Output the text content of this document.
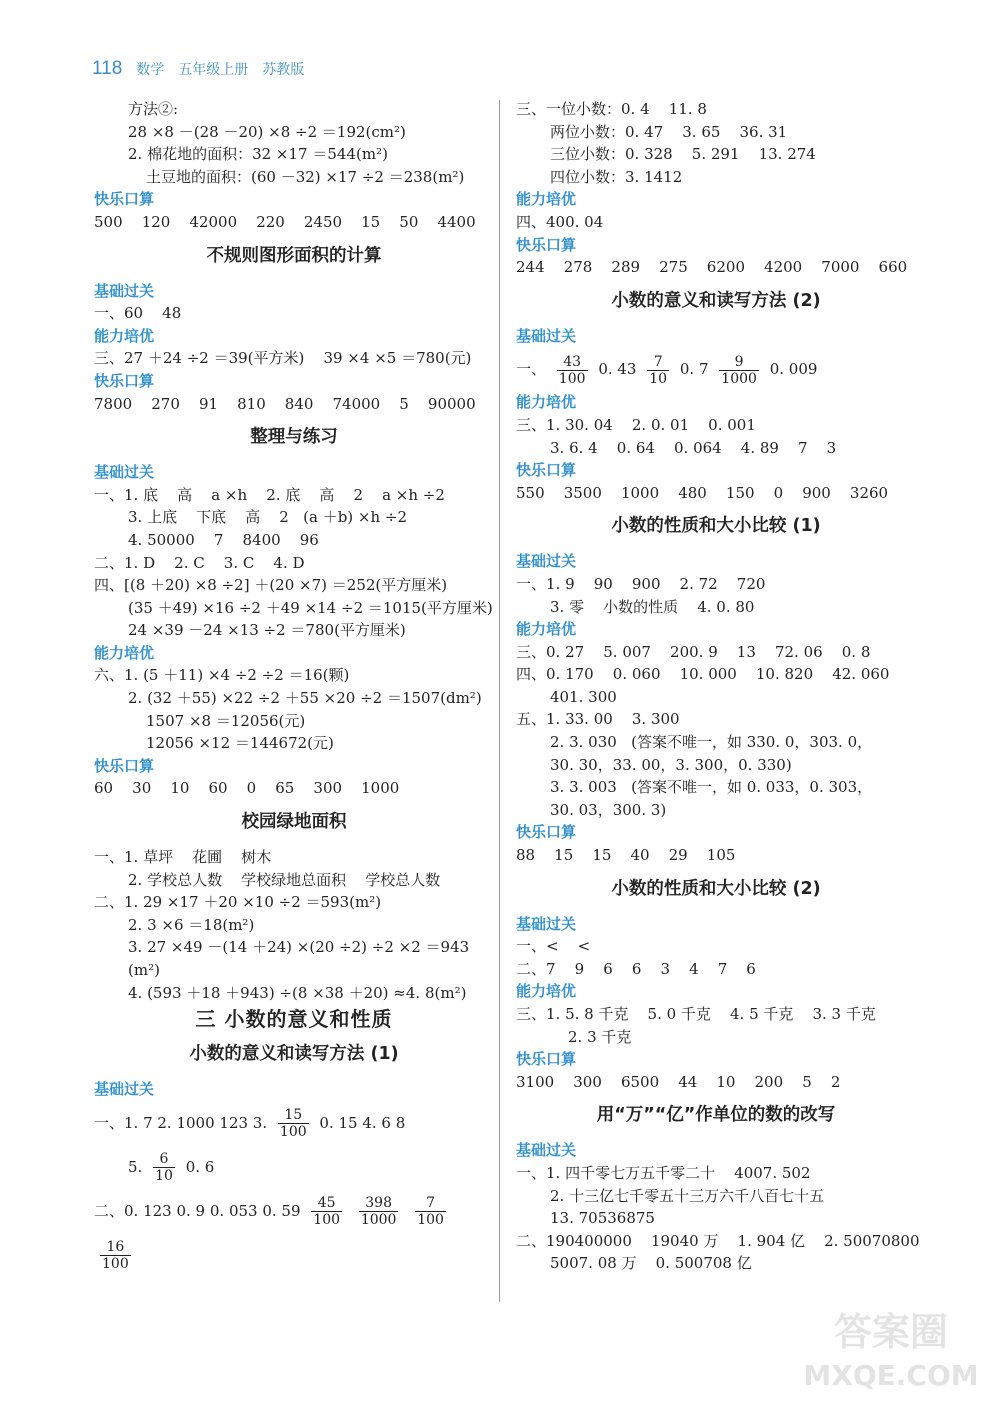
118 数学 五年级上册 苏教版
方法②:
28 ×8 －(28 －20) ×8 ÷2 ＝192(cm²)
2. 棉花地的面积：32 ×17 ＝544(m²)
土豆地的面积：(60 －32) ×17 ÷2 ＝238(m²)
快乐口算
500    120    42000    220    2450    15    50    4400
不规则图形面积的计算
基础过关
一、60    48
能力培优
三、27 ＋24 ÷2 ＝39(平方米)    39 ×4 ×5 ＝780(元)
快乐口算
7800    270    91    810    840    74000    5    90000
整理与练习
基础过关
一、1. 底    高    a ×h    2. 底    高    2    a ×h ÷2
3. 上底    下底    高    2   (a ＋b) ×h ÷2
4. 50000    7    8400    96
二、1. D    2. C    3. C    4. D
四、[(8 ＋20) ×8 ÷2] ＋(20 ×7) ＝252(平方厘米)
(35 ＋49) ×16 ÷2 ＋49 ×14 ÷2 ＝1015(平方厘米)
24 ×39 －24 ×13 ÷2 ＝780(平方厘米)
能力培优
六、1. (5 ＋11) ×4 ÷2 ÷2 ＝16(颗)
2. (32 ＋55) ×22 ÷2 ＋55 ×20 ÷2 ＝1507(dm²)
1507 ×8 ＝12056(元)
12056 ×12 ＝144672(元)
快乐口算
60    30    10    60    0    65    300    1000
校园绿地面积
一、1. 草坪    花圃    树木
2. 学校总人数    学校绿地总面积    学校总人数
二、1. 29 ×17 ＋20 ×10 ÷2 ＝593(m²)
2. 3 ×6 ＝18(m²)
3. 27 ×49 －(14 ＋24) ×(20 ÷2) ÷2 ×2 ＝943
(m²)
4. (593 ＋18 ＋943) ÷(8 ×38 ＋20) ≈4. 8(m²)
三 小数的意义和性质
小数的意义和读写方法 (1)
基础过关
一、1. 7 2. 1000 123 3. $\frac{15}{100} 0$. 15 4. 6 8
5. $\frac{6}{10} 0$. 6
二、0. 123 0. 9 0. 053 0. $59 \frac{45}{100}$
$\frac{398}{1000}$
$\frac{7}{100}$
$\frac{16}{100}$
三、一位小数：0. 4    11. 8
两位小数：0. 47    3. 65    36. 31
三位小数：0. 328    5. 291    13. 274
四位小数：3. 1412
能力培优
四、400. 04
快乐口算
244    278    289    275    6200    4200    7000    660
小数的意义和读写方法 (2)
基础过关
一、 $\frac{43}{100} 0$. $43 \frac{7}{10} 0$. $7 \frac{9}{1000} 0$. 009
能力培优
三、1. 30. 04    2. 0. 01    0. 001
3. 6. 4    0. 64    0. 064    4. 89    7    3
快乐口算
550    3500    1000    480    150    0    900    3260
小数的性质和大小比较 (1)
基础过关
一、1. 9    90    900    2. 72    720
3. 零    小数的性质    4. 0. 80
能力培优
三、0. 27    5. 007    200. 9    13    72. 06    0. 8
四、0. 170    0. 060    10. 000    10. 820    42. 060
401. 300
五、1. 33. 00    3. 300
2. 3. 030   (答案不唯一，如 330. 0，303. 0，
30. 30，33. 00，3. 300，0. 330)
3. 3. 003   (答案不唯一，如 0. 033，0. 303，
30. 03，300. 3)
快乐口算
88    15    15    40    29    105
小数的性质和大小比较 (2)
基础过关
一、<    <
二、7    9    6    6    3    4    7    6
能力培优
三、1. 5. 8 千克    5. 0 千克    4. 5 千克    3. 3 千克
2. 3 千克
快乐口算
3100    300    6500    44    10    200    5    2
用“万”“亿”作单位的数的改写
基础过关
一、1. 四千零七万五千零二十    4007. 502
2. 十三亿七千零五十三万六千八百七十五
13. 70536875
二、190400000    19040 万    1. 904 亿    2. 50070800
5007. 08 万    0. 500708 亿
答案圈
MXQE.COM
